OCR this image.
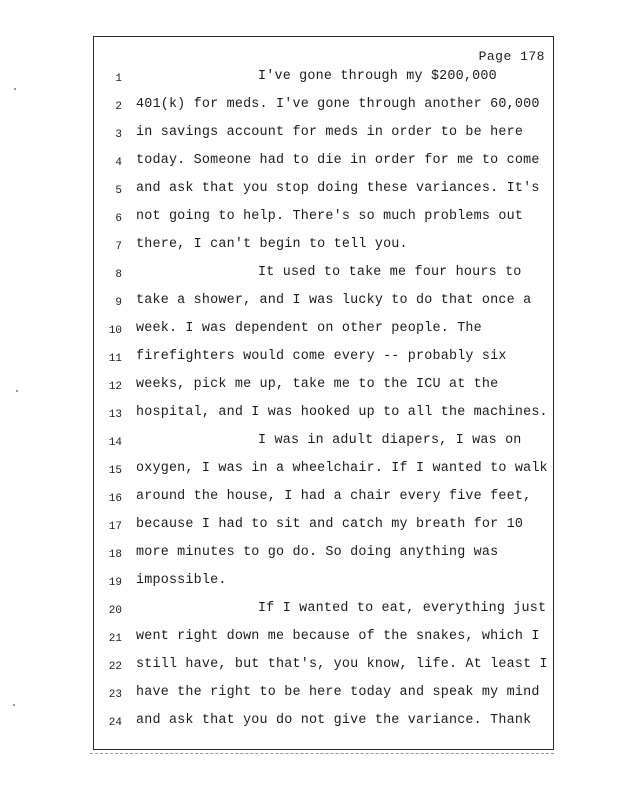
Page 178
1	I've gone through my $200,000
2 401(k) for meds. I've gone through another 60,000
3 in savings account for meds in order to be here
4 today. Someone had to die in order for me to come
5 and ask that you stop doing these variances. It's
6 not going to help. There's so much problems out
7 there, I can't begin to tell you.
8	It used to take me four hours to
9 take a shower, and I was lucky to do that once a
10 week. I was dependent on other people. The
11 firefighters would come every -- probably six
12 weeks, pick me up, take me to the ICU at the
13 hospital, and I was hooked up to all the machines.
14	I was in adult diapers, I was on
15 oxygen, I was in a wheelchair. If I wanted to walk
16 around the house, I had a chair every five feet,
17 because I had to sit and catch my breath for 10
18 more minutes to go do. So doing anything was
19 impossible.
20	If I wanted to eat, everything just
21 went right down me because of the snakes, which I
22 still have, but that's, you know, life. At least I
23 have the right to be here today and speak my mind
24 and ask that you do not give the variance. Thank
